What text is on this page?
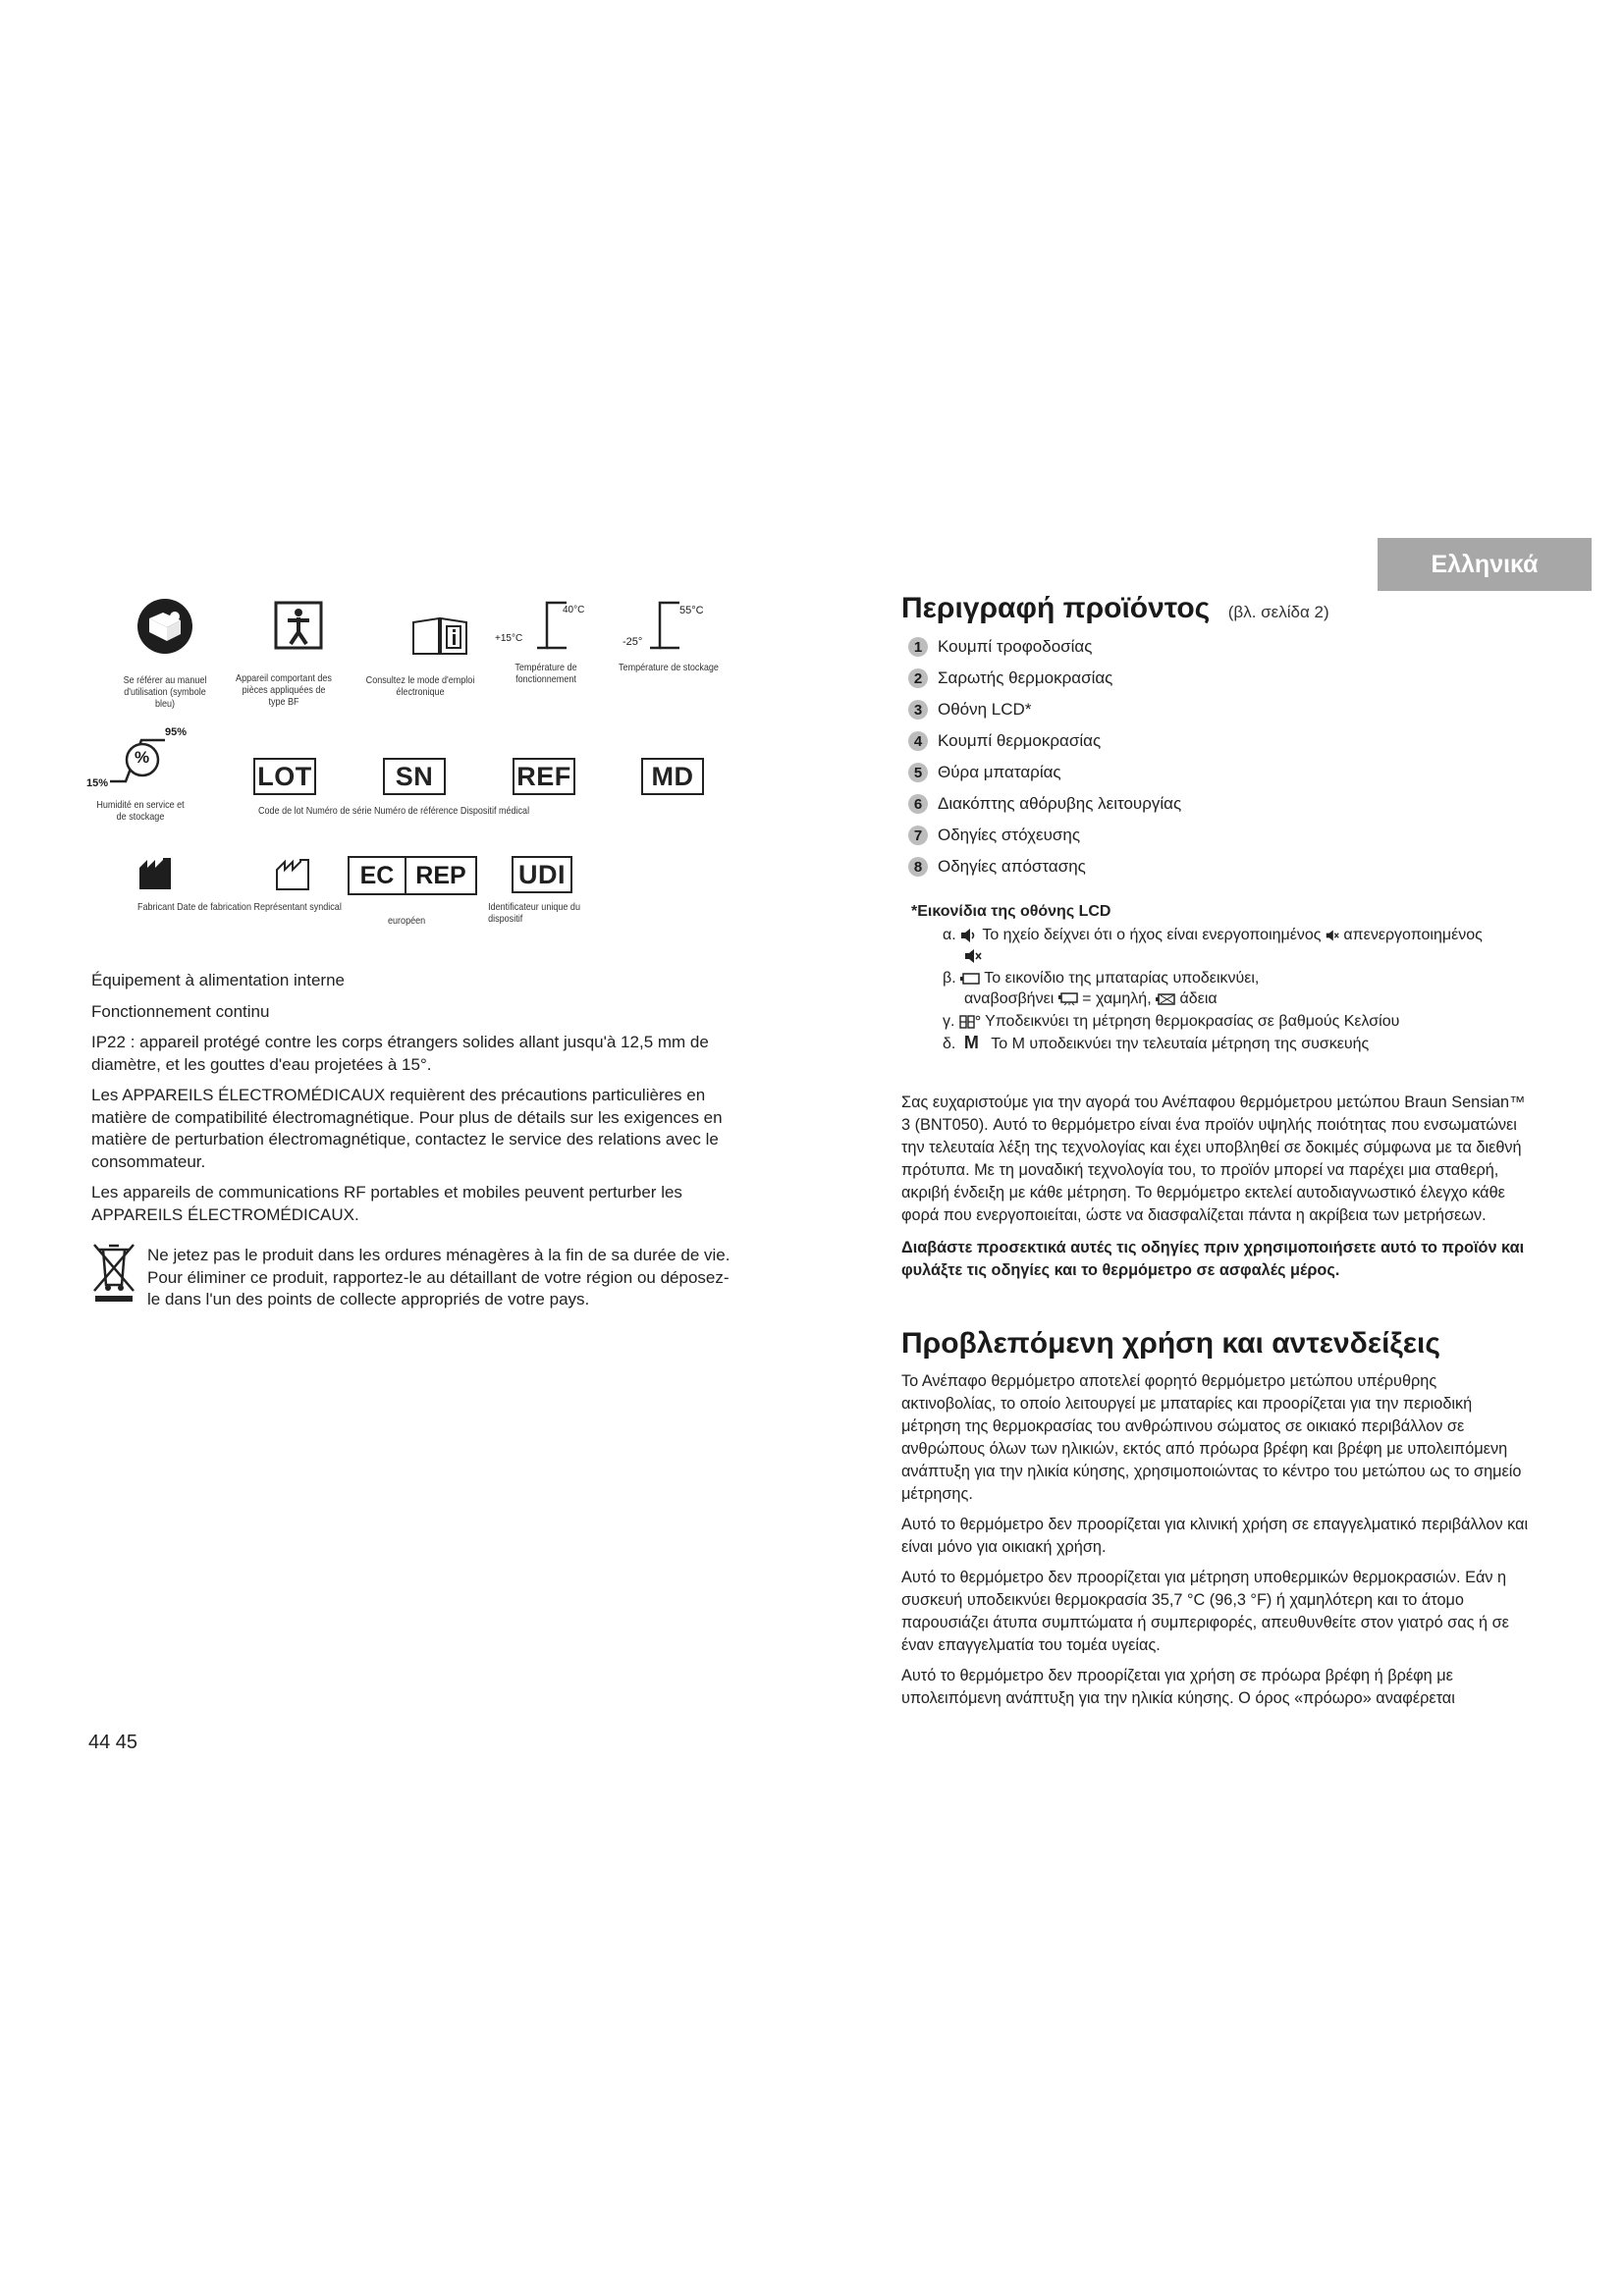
Se référer au manuel d'utilisation (symbole bleu)
Appareil comportant des pièces appliquées de type BF
Consultez le mode d'emploi électronique
+15°C
40°C
Température de fonctionnement
-25°
55°C
Température de stockage
%
95%
15%
Humidité en service et de stockage
LOT	SN	REF	MD
Code de lot Numéro de série Numéro de référence Dispositif médical
EC REP	UDI
Fabricant Date de fabrication Représentant syndical
européen
Identificateur unique du
dispositif

Équipement à alimentation interne

Fonctionnement continu

IP22 : appareil protégé contre les corps étrangers solides allant jusqu'à 12,5 mm de diamètre, et les gouttes d'eau projetées à 15°.

Les APPAREILS ÉLECTROMÉDICAUX requièrent des précautions particulières en matière de compatibilité électromagnétique. Pour plus de détails sur les exigences en matière de perturbation électromagnétique, contactez le service des relations avec le consommateur.

Les appareils de communications RF portables et mobiles peuvent perturber les APPAREILS ÉLECTROMÉDICAUX.

Ne jetez pas le produit dans les ordures ménagères à la fin de sa durée de vie. Pour éliminer ce produit, rapportez-le au détaillant de votre région ou déposez-le dans l'un des points de collecte appropriés de votre pays.
44 45
Ελληνικά
Περιγραφή προϊόντος (βλ. σελίδα 2)
1 Κουμπί τροφοδοσίας
2 Σαρωτής θερμοκρασίας
3 Οθόνη LCD*
4 Κουμπί θερμοκρασίας
5 Θύρα μπαταρίας
6 Διακόπτης αθόρυβης λειτουργίας
7 Οδηγίες στόχευσης
8 Οδηγίες απόστασης
*Εικονίδια της οθόνης LCD
α. Το ηχείο δείχνει ότι ο ήχος είναι ενεργοποιημένος απενεργοποιημένος
β. Το εικονίδιο της μπαταρίας υποδεικνύει,
αναβοσβήνει = χαμηλή, άδεια
γ. Υποδεικνύει τη μέτρηση θερμοκρασίας σε βαθμούς Κελσίου
δ. M Το M υποδεικνύει την τελευταία μέτρηση της συσκευής

Σας ευχαριστούμε για την αγορά του Ανέπαφου θερμόμετρου μετώπου Braun Sensian™ 3 (BNT050). Αυτό το θερμόμετρο είναι ένα προϊόν υψηλής ποιότητας που ενσωματώνει την τελευταία λέξη της τεχνολογίας και έχει υποβληθεί σε δοκιμές σύμφωνα με τα διεθνή πρότυπα. Με τη μοναδική τεχνολογία του, το προϊόν μπορεί να παρέχει μια σταθερή, ακριβή ένδειξη με κάθε μέτρηση. Το θερμόμετρο εκτελεί αυτοδιαγνωστικό έλεγχο κάθε φορά που ενεργοποιείται, ώστε να διασφαλίζεται πάντα η ακρίβεια των μετρήσεων.

Διαβάστε προσεκτικά αυτές τις οδηγίες πριν χρησιμοποιήσετε αυτό το προϊόν και φυλάξτε τις οδηγίες και το θερμόμετρο σε ασφαλές μέρος.

Προβλεπόμενη χρήση και αντενδείξεις

Το Ανέπαφο θερμόμετρο αποτελεί φορητό θερμόμετρο μετώπου υπέρυθρης ακτινοβολίας, το οποίο λειτουργεί με μπαταρίες και προορίζεται για την περιοδική μέτρηση της θερμοκρασίας του ανθρώπινου σώματος σε οικιακό περιβάλλον σε ανθρώπους όλων των ηλικιών, εκτός από πρόωρα βρέφη και βρέφη με υπολειπόμενη ανάπτυξη για την ηλικία κύησης, χρησιμοποιώντας το κέντρο του μετώπου ως το σημείο μέτρησης.

Αυτό το θερμόμετρο δεν προορίζεται για κλινική χρήση σε επαγγελματικό περιβάλλον και είναι μόνο για οικιακή χρήση.

Αυτό το θερμόμετρο δεν προορίζεται για μέτρηση υποθερμικών θερμοκρασιών. Εάν η συσκευή υποδεικνύει θερμοκρασία 35,7 °C (96,3 °F) ή χαμηλότερη και το άτομο παρουσιάζει άτυπα συμπτώματα ή συμπεριφορές, απευθυνθείτε στον γιατρό σας ή σε έναν επαγγελματία του τομέα υγείας.

Αυτό το θερμόμετρο δεν προορίζεται για χρήση σε πρόωρα βρέφη ή βρέφη με υπολειπόμενη ανάπτυξη για την ηλικία κύησης. Ο όρος «πρόωρο» αναφέρεται
